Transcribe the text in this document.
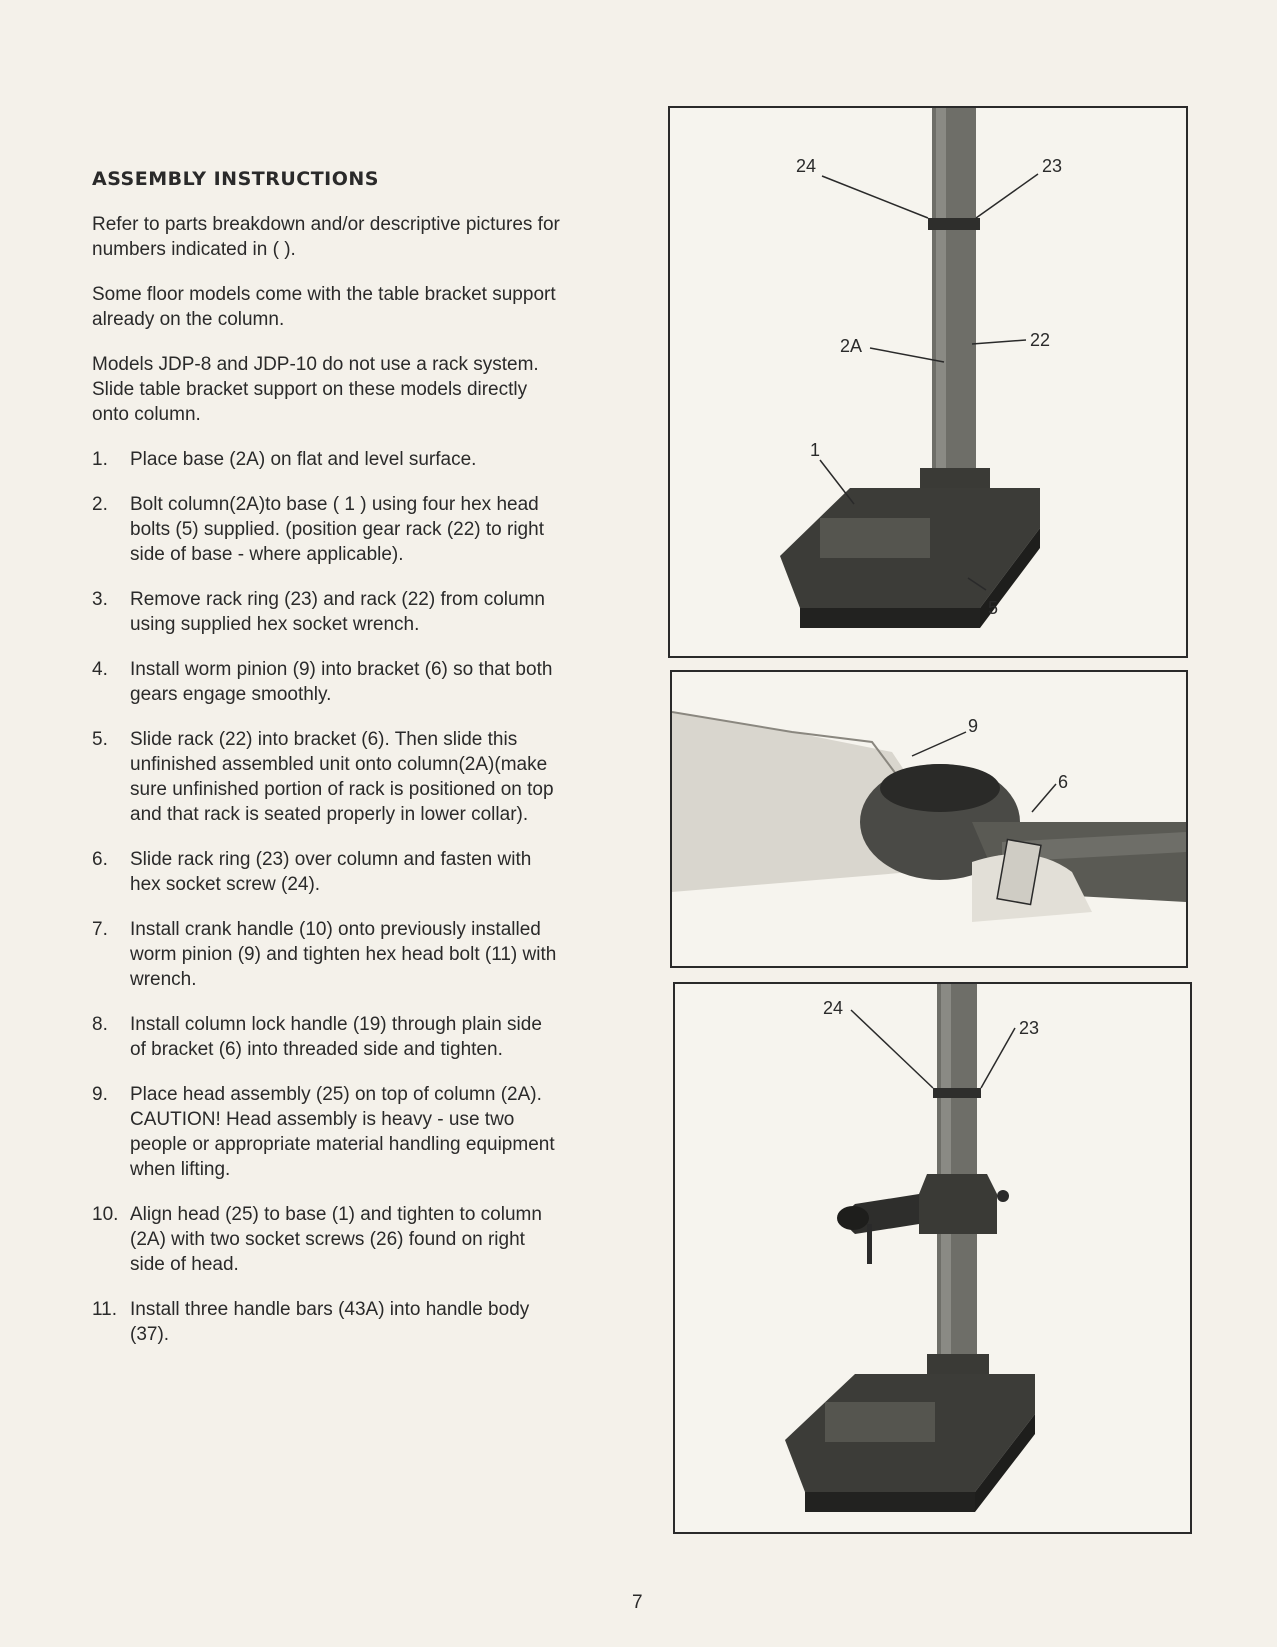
ASSEMBLY INSTRUCTIONS

Refer to parts breakdown and/or descriptive pictures for numbers indicated in ( ).

Some floor models come with the table bracket support already on the column.

Models JDP-8 and JDP-10 do not use a rack system. Slide table bracket support on these models directly onto column.

1.	Place base (2A) on flat and level surface.
2.	Bolt column(2A)to base ( 1 ) using four hex head bolts (5) supplied. (position gear rack (22) to right side of base - where applicable).
3.	Remove rack ring (23) and rack (22) from column using supplied hex socket wrench.
4.	Install worm pinion (9) into bracket (6) so that both gears engage smoothly.
5.	Slide rack (22) into bracket (6). Then slide this unfinished assembled unit onto column(2A)(make sure unfinished portion of rack is positioned on top and that rack is seated properly in lower collar).
6.	Slide rack ring (23) over column and fasten with hex socket screw (24).
7.	Install crank handle (10) onto previously installed worm pinion (9) and tighten hex head bolt (11) with wrench.
8.	Install column lock handle (19) through plain side of bracket (6) into threaded side and tighten.
9.	Place head assembly (25) on top of column (2A). CAUTION! Head assembly is heavy - use two people or appropriate material handling equipment when lifting.
10. Align head (25) to base (1) and tighten to column (2A) with two socket screws (26) found on right side of head.
11. Install three handle bars (43A) into handle body (37).
24	23
2A	22
1
5
9
6
24
23
7
